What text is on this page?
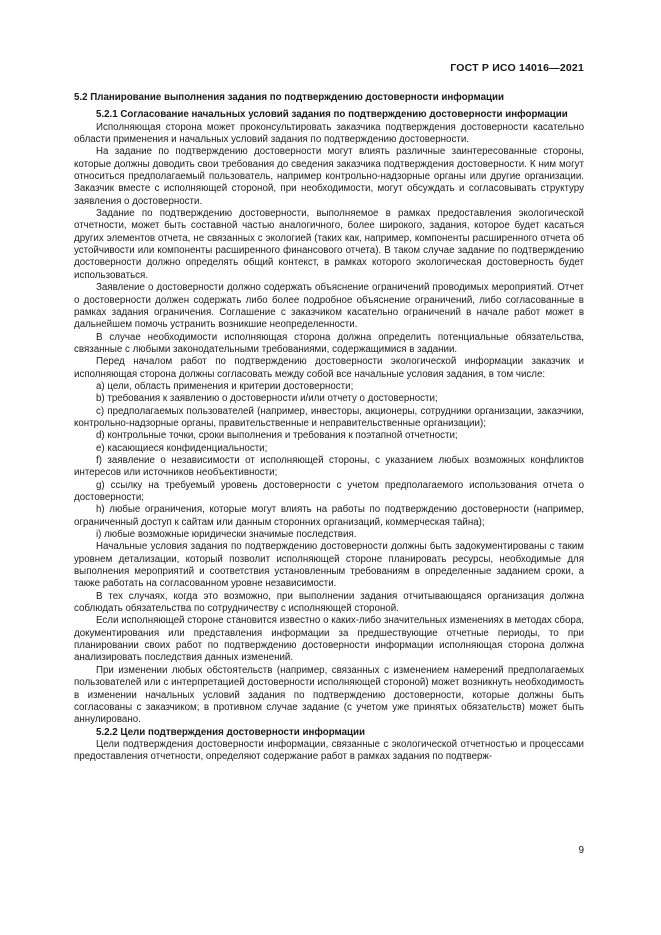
ГОСТ Р ИСО 14016—2021

5.2 Планирование выполнения задания по подтверждению достоверности информации

5.2.1 Согласование начальных условий задания по подтверждению достоверности информации

Исполняющая сторона может проконсультировать заказчика подтверждения достоверности касательно области применения и начальных условий задания по подтверждению достоверности.

На задание по подтверждению достоверности могут влиять различные заинтересованные стороны, которые должны доводить свои требования до сведения заказчика подтверждения достоверности. К ним могут относиться предполагаемый пользователь, например контрольно-надзорные органы или другие организации. Заказчик вместе с исполняющей стороной, при необходимости, могут обсуждать и согласовывать структуру заявления о достоверности.

Задание по подтверждению достоверности, выполняемое в рамках предоставления экологической отчетности, может быть составной частью аналогичного, более широкого, задания, которое будет касаться других элементов отчета, не связанных с экологией (таких как, например, компоненты расширенного отчета об устойчивости или компоненты расширенного финансового отчета). В таком случае задание по подтверждению достоверности должно определять общий контекст, в рамках которого экологическая достоверность будет использоваться.

Заявление о достоверности должно содержать объяснение ограничений проводимых мероприятий. Отчет о достоверности должен содержать либо более подробное объяснение ограничений, либо согласованные в рамках задания ограничения. Соглашение с заказчиком касательно ограничений в начале работ может в дальнейшем помочь устранить возникшие неопределенности.

В случае необходимости исполняющая сторона должна определить потенциальные обязательства, связанные с любыми законодательными требованиями, содержащимися в задании.

Перед началом работ по подтверждению достоверности экологической информации заказчик и исполняющая сторона должны согласовать между собой все начальные условия задания, в том числе:

a) цели, область применения и критерии достоверности;

b) требования к заявлению о достоверности и/или отчету о достоверности;

c) предполагаемых пользователей (например, инвесторы, акционеры, сотрудники организации, заказчики, контрольно-надзорные органы, правительственные и неправительственные организации);

d) контрольные точки, сроки выполнения и требования к поэтапной отчетности;

e) касающиеся конфиденциальности;

f) заявление о независимости от исполняющей стороны, с указанием любых возможных конфликтов интересов или источников необъективности;

g) ссылку на требуемый уровень достоверности с учетом предполагаемого использования отчета о достоверности;

h) любые ограничения, которые могут влиять на работы по подтверждению достоверности (например, ограниченный доступ к сайтам или данным сторонних организаций, коммерческая тайна);

i) любые возможные юридически значимые последствия.

Начальные условия задания по подтверждению достоверности должны быть задокументированы с таким уровнем детализации, который позволит исполняющей стороне планировать ресурсы, необходимые для выполнения мероприятий и соответствия установленным требованиям в определенные заданием сроки, а также работать на согласованном уровне независимости.

В тех случаях, когда это возможно, при выполнении задания отчитывающаяся организация должна соблюдать обязательства по сотрудничеству с исполняющей стороной.

Если исполняющей стороне становится известно о каких-либо значительных изменениях в методах сбора, документирования или представления информации за предшествующие отчетные периоды, то при планировании своих работ по подтверждению достоверности информации исполняющая сторона должна анализировать последствия данных изменений.

При изменении любых обстоятельств (например, связанных с изменением намерений предполагаемых пользователей или с интерпретацией достоверности исполняющей стороной) может возникнуть необходимость в изменении начальных условий задания по подтверждению достоверности, которые должны быть согласованы с заказчиком; в противном случае задание (с учетом уже принятых обязательств) может быть аннулировано.

5.2.2 Цели подтверждения достоверности информации

Цели подтверждения достоверности информации, связанные с экологической отчетностью и процессами предоставления отчетности, определяют содержание работ в рамках задания по подтверж-

9
